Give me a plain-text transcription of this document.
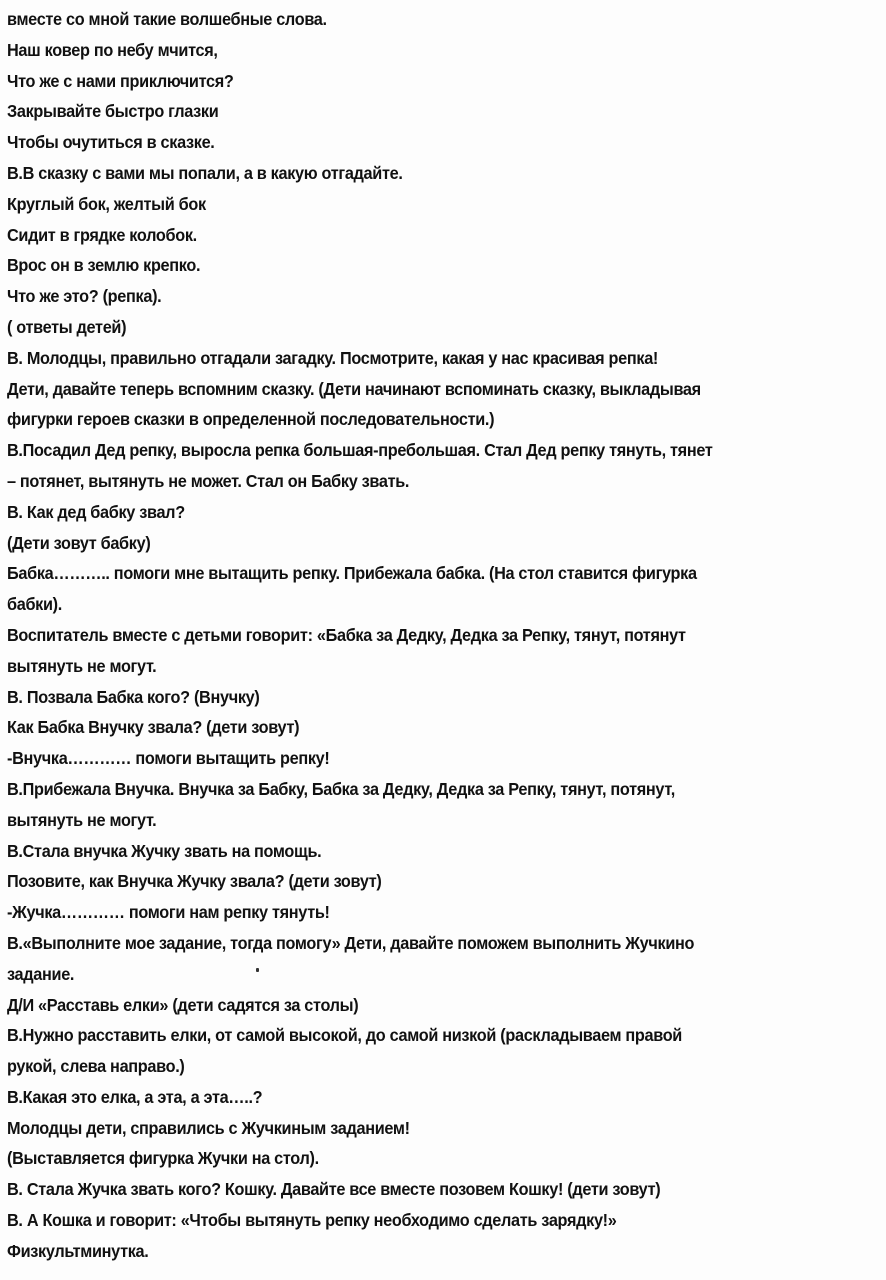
вместе со мной такие волшебные слова.
Наш ковер по небу мчится,
Что же с нами приключится?
Закрывайте быстро глазки
Чтобы очутиться в сказке.
В.В сказку с вами мы попали, а в какую отгадайте.
Круглый бок, желтый бок
Сидит в грядке колобок.
Врос он в землю крепко.
Что же это? (репка).
( ответы детей)
В. Молодцы, правильно отгадали загадку. Посмотрите, какая у нас красивая репка!
Дети, давайте теперь вспомним сказку. (Дети начинают вспоминать сказку, выкладывая
фигурки героев сказки в определенной последовательности.)
В.Посадил Дед репку, выросла репка большая-пребольшая. Стал Дед репку тянуть, тянет
– потянет, вытянуть не может. Стал он Бабку звать.
В. Как дед бабку звал?
(Дети зовут бабку)
Бабка……….. помоги мне вытащить репку. Прибежала бабка. (На стол ставится фигурка
бабки).
Воспитатель вместе с детьми говорит: «Бабка за Дедку, Дедка за Репку, тянут, потянут
вытянуть не могут.
В. Позвала Бабка кого? (Внучку)
Как Бабка Внучку звала? (дети зовут)
-Внучка………… помоги вытащить репку!
В.Прибежала Внучка. Внучка за Бабку, Бабка за Дедку, Дедка за Репку, тянут, потянут,
вытянуть не могут.
В.Стала внучка Жучку звать на помощь.
Позовите, как Внучка Жучку звала? (дети зовут)
-Жучка………… помоги нам репку тянуть!
В.«Выполните мое задание, тогда помогу» Дети, давайте поможем выполнить Жучкино
задание.
Д/И «Расставь елки» (дети садятся за столы)
В.Нужно расставить елки, от самой высокой, до самой низкой (раскладываем правой
рукой, слева направо.)
В.Какая это елка, а эта, а эта…..?
Молодцы дети, справились с Жучкиным заданием!
(Выставляется фигурка Жучки на стол).
В. Стала Жучка звать кого? Кошку. Давайте все вместе позовем Кошку! (дети зовут)
В. А Кошка и говорит: «Чтобы вытянуть репку необходимо сделать зарядку!»
Физкультминутка.
